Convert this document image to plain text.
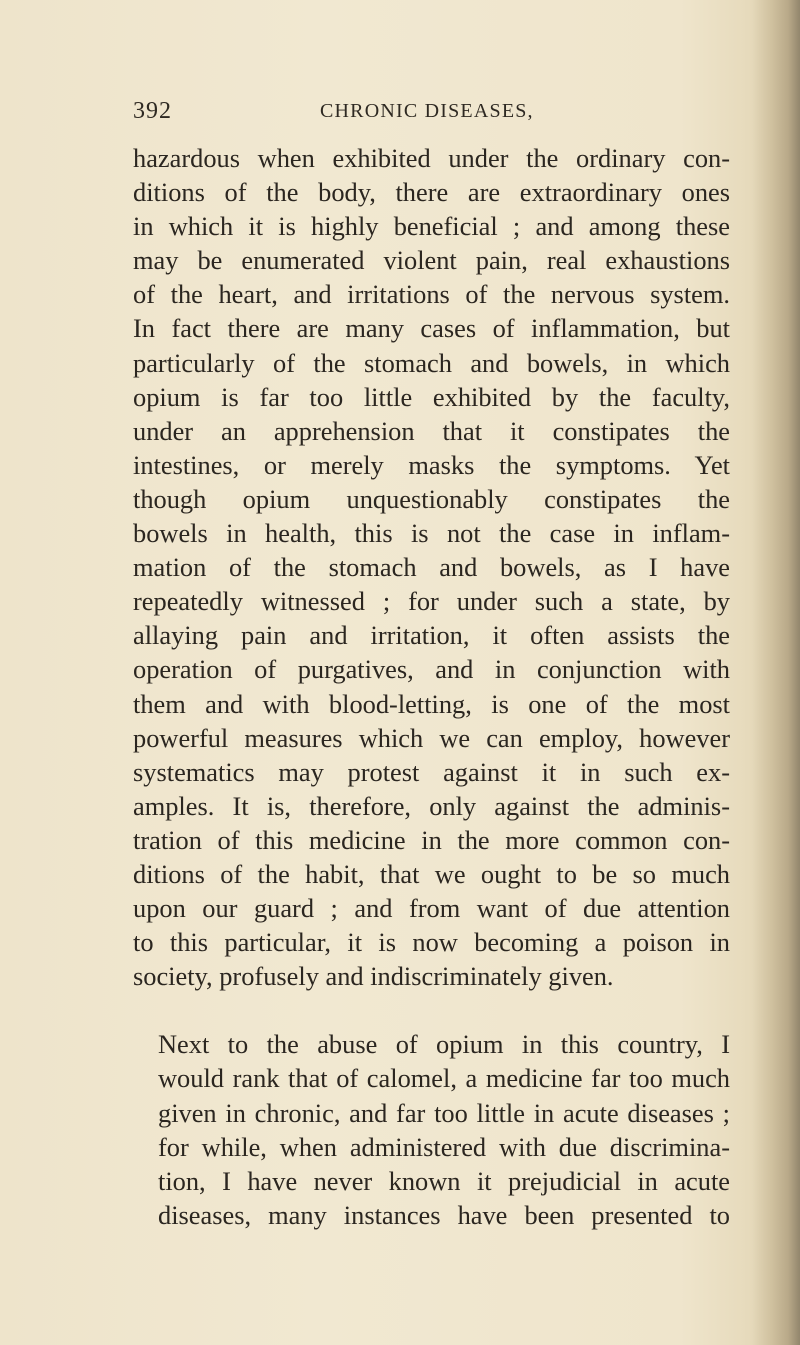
392	CHRONIC DISEASES,

hazardous when exhibited under the ordinary con-
ditions of the body, there are extraordinary ones
in which it is highly beneficial ; and among these
may be enumerated violent pain, real exhaustions
of the heart, and irritations of the nervous system.
In fact there are many cases of inflammation, but
particularly of the stomach and bowels, in which
opium is far too little exhibited by the faculty,
under an apprehension that it constipates the
intestines, or merely masks the symptoms. Yet
though opium unquestionably constipates the
bowels in health, this is not the case in inflam-
mation of the stomach and bowels, as I have
repeatedly witnessed ; for under such a state, by
allaying pain and irritation, it often assists the
operation of purgatives, and in conjunction with
them and with blood-letting, is one of the most
powerful measures which we can employ, however
systematics may protest against it in such ex-
amples. It is, therefore, only against the adminis-
tration of this medicine in the more common con-
ditions of the habit, that we ought to be so much
upon our guard ; and from want of due attention
to this particular, it is now becoming a poison in
society, profusely and indiscriminately given.

Next to the abuse of opium in this country, I
would rank that of calomel, a medicine far too much
given in chronic, and far too little in acute diseases ;
for while, when administered with due discrimina-
tion, I have never known it prejudicial in acute
diseases, many instances have been presented to
